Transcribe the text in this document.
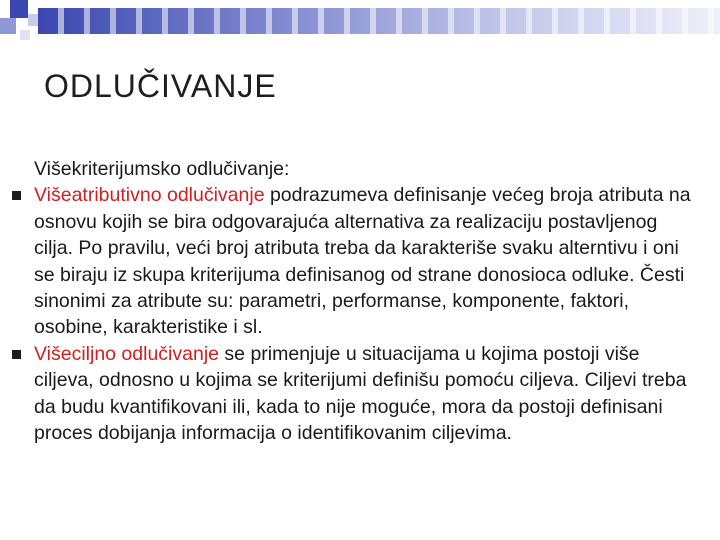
ODLUČIVANJE

Višekriterijumsko odlučivanje:

Višeatributivno odlučivanje podrazumeva definisanje većeg broja atributa na osnovu kojih se bira odgovarajuća alternativa za realizaciju postavljenog cilja. Po pravilu, veći broj atributa treba da karakteriše svaku alterntivu i oni se biraju iz skupa kriterijuma definisanog od strane donosioca odluke. Česti sinonimi za atribute su: parametri, performanse, komponente, faktori, osobine, karakteristike i sl.

Višeciljno odlučivanje se primenjuje u situacijama u kojima postoji više ciljeva, odnosno u kojima se kriterijumi definišu pomoću ciljeva. Ciljevi treba da budu kvantifikovani ili, kada to nije moguće, mora da postoji definisani proces dobijanja informacija o identifikovanim ciljevima.
